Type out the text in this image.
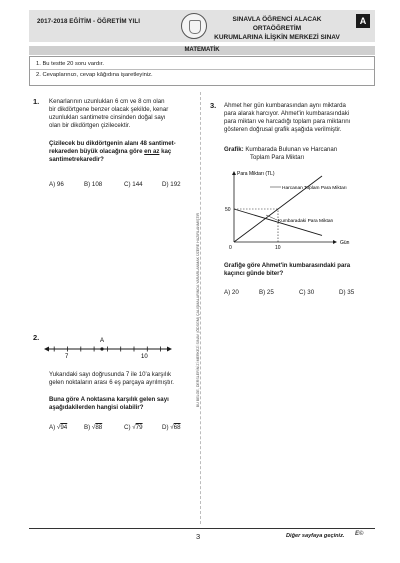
2017-2018 EĞİTİM - ÖĞRETİM YILI	SINAVLA ÖĞRENCİ ALACAK ORTAÖĞRETİM
KURUMLARINA İLİŞKİN MERKEZİ SINAV
A
MATEMATİK
1. Bu testte 20 soru vardır.
2. Cevaplarınızı, cevap kâğıdına işaretleyiniz.
1. Kenarlarının uzunlukları 6 cm ve 8 cm olan
bir dikdörtgene benzer olacak şekilde, kenar
uzunlukları santimetre cinsinden doğal sayı
olan bir dikdörtgen çizilecektir.
Çizilecek bu dikdörtgenin alanı 48 santimet-
rekareden büyük olacağına göre en az kaç
santimetrekaredir?
A) 96	B) 108	C) 144	D) 192
2.	A
7	10
Yukarıdaki sayı doğrusunda 7 ile 10'a karşılık
gelen noktaların arası 6 eş parçaya ayrılmıştır.
Buna göre A noktasına karşılık gelen sayı
aşağıdakilerden hangisi olabilir?
A) √94	B) √88	C) √79	D) √68
BU BELGE, DERSLERİNİZİ MERKEZİ SINAV (ÖDSGM) ÇALIŞMALARINDA YARARLANMAK ÜZERE HAZIRLANMIŞTIR
3. Ahmet her gün kumbarasından aynı miktarda
para alarak harcıyor. Ahmet'in kumbarasındaki
para miktarı ve harcadığı toplam para miktarını
gösteren doğrusal grafik aşağıda verilmiştir.
Grafik: Kumbarada Bulunan ve Harcanan
Toplam Para Miktarı
Para Miktarı (TL)
Gün
0	10
50
Harcanan Toplam Para Miktarı
Kumbaradaki Para Miktarı
Grafiğe göre Ahmet'in kumbarasındaki para
kaçıncı günde biter?
A) 20	B) 25	C) 30	D) 35
3	Diğer sayfaya geçiniz. E©
